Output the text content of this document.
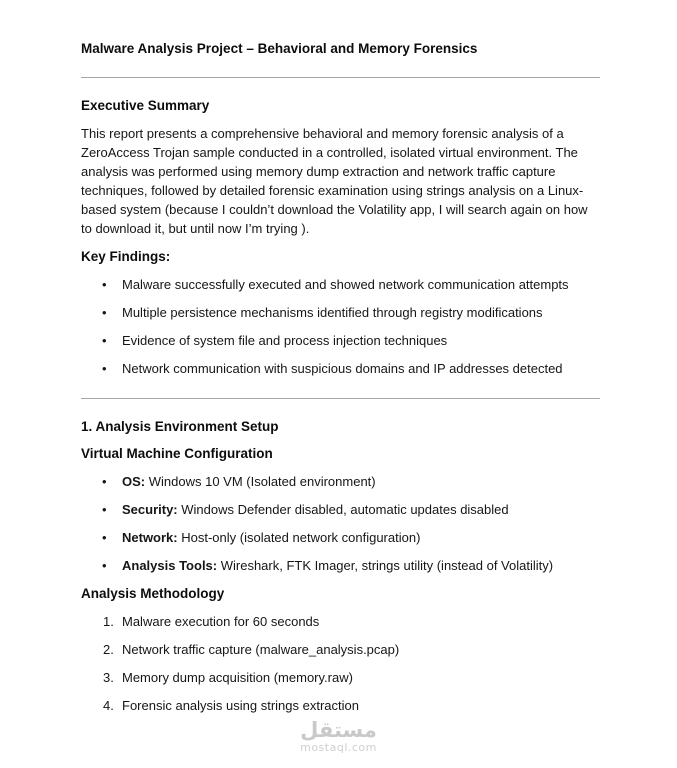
Malware Analysis Project – Behavioral and Memory Forensics
Executive Summary

This report presents a comprehensive behavioral and memory forensic analysis of a ZeroAccess Trojan sample conducted in a controlled, isolated virtual environment. The analysis was performed using memory dump extraction and network traffic capture techniques, followed by detailed forensic examination using strings analysis on a Linux-based system (because I couldn’t download the Volatility app, I will search again on how to download it, but until now I’m trying ).

Key Findings:
•	Malware successfully executed and showed network communication attempts
•	Multiple persistence mechanisms identified through registry modifications
•	Evidence of system file and process injection techniques
•	Network communication with suspicious domains and IP addresses detected
1. Analysis Environment Setup
Virtual Machine Configuration
•	OS: Windows 10 VM (Isolated environment)
•	Security: Windows Defender disabled, automatic updates disabled
•	Network: Host-only (isolated network configuration)
•	Analysis Tools: Wireshark, FTK Imager, strings utility (instead of Volatility)
Analysis Methodology
1. Malware execution for 60 seconds
2. Network traffic capture (malware_analysis.pcap)
3. Memory dump acquisition (memory.raw)
4. Forensic analysis using strings extraction
مستقل
mostaql.com
